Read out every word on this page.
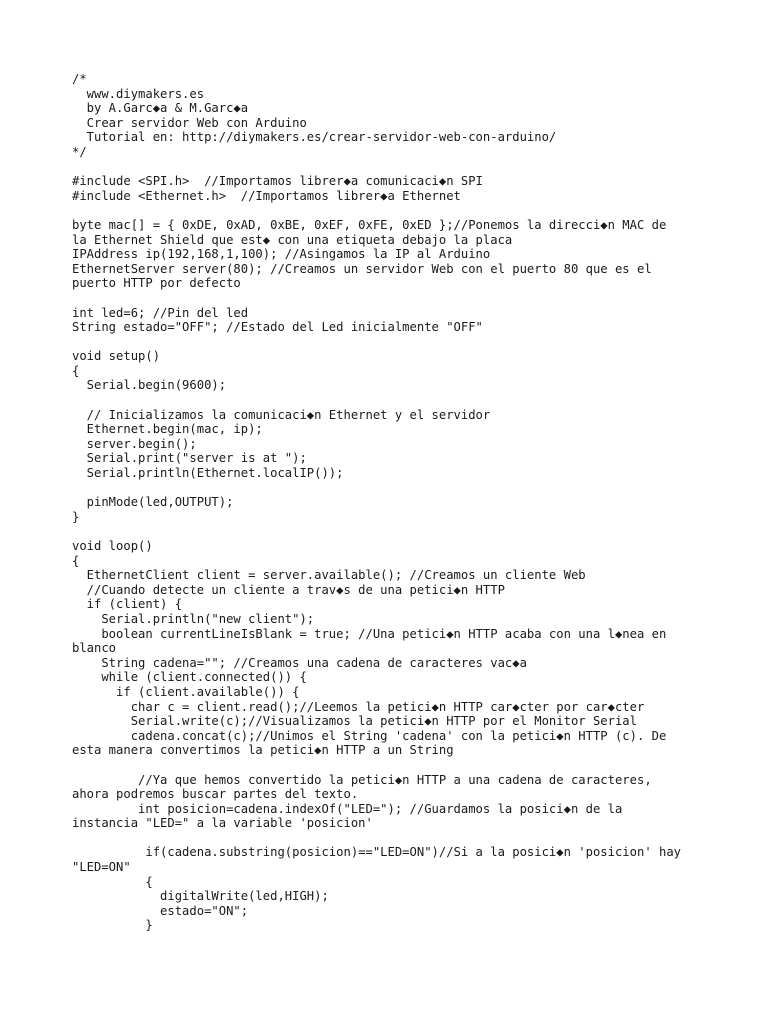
/*
www.diymakers.es
by A.Garc◆a & M.Garc◆a
Crear servidor Web con Arduino
Tutorial en: http://diymakers.es/crear-servidor-web-con-arduino/
*/
#include <SPI.h>  //Importamos librer◆a comunicaci◆n SPI
#include <Ethernet.h>  //Importamos librer◆a Ethernet
byte mac[] = { 0xDE, 0xAD, 0xBE, 0xEF, 0xFE, 0xED };//Ponemos la direcci◆n MAC de
la Ethernet Shield que est◆ con una etiqueta debajo la placa
IPAddress ip(192,168,1,100); //Asingamos la IP al Arduino
EthernetServer server(80); //Creamos un servidor Web con el puerto 80 que es el
puerto HTTP por defecto
int led=6; //Pin del led
String estado="OFF"; //Estado del Led inicialmente "OFF"
void setup()
{
Serial.begin(9600);
// Inicializamos la comunicaci◆n Ethernet y el servidor
Ethernet.begin(mac, ip);
server.begin();
Serial.print("server is at ");
Serial.println(Ethernet.localIP());
pinMode(led,OUTPUT);
}
void loop()
{
EthernetClient client = server.available(); //Creamos un cliente Web
//Cuando detecte un cliente a trav◆s de una petici◆n HTTP
if (client) {
Serial.println("new client");
boolean currentLineIsBlank = true; //Una petici◆n HTTP acaba con una l◆nea en
blanco
String cadena=""; //Creamos una cadena de caracteres vac◆a
while (client.connected()) {
if (client.available()) {
char c = client.read();//Leemos la petici◆n HTTP car◆cter por car◆cter
Serial.write(c);//Visualizamos la petici◆n HTTP por el Monitor Serial
cadena.concat(c);//Unimos el String 'cadena' con la petici◆n HTTP (c). De
esta manera convertimos la petici◆n HTTP a un String
//Ya que hemos convertido la petici◆n HTTP a una cadena de caracteres,
ahora podremos buscar partes del texto.
int posicion=cadena.indexOf("LED="); //Guardamos la posici◆n de la
instancia "LED=" a la variable 'posicion'
if(cadena.substring(posicion)=="LED=ON")//Si a la posici◆n 'posicion' hay
"LED=ON"
{
digitalWrite(led,HIGH);
estado="ON";
}
